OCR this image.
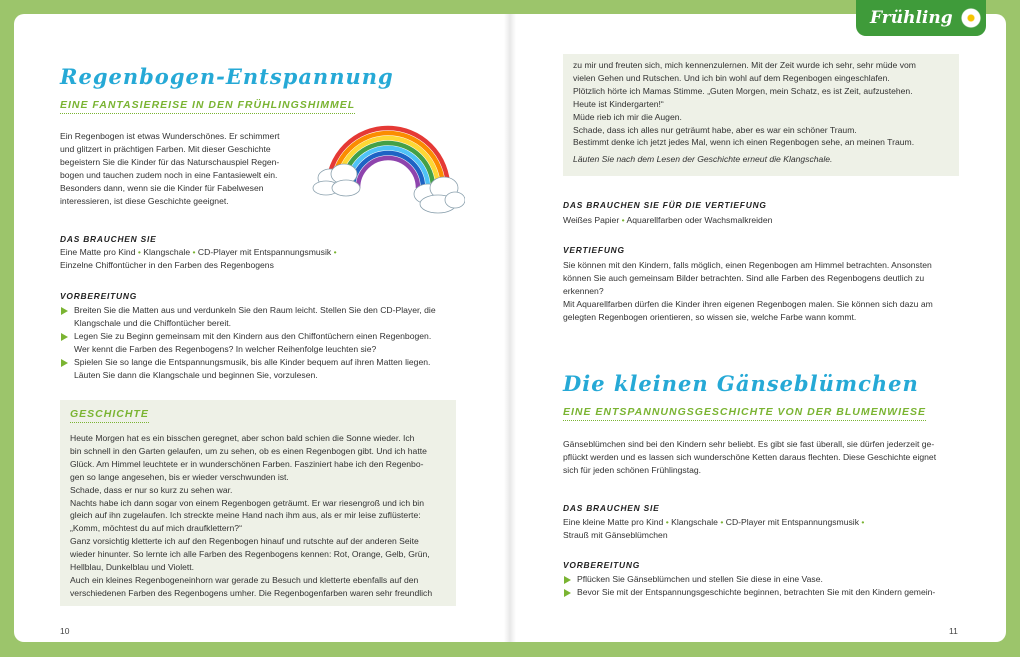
Frühling
Regenbogen-Entspannung
EINE FANTASIEREISE IN DEN FRÜHLINGSHIMMEL
Ein Regenbogen ist etwas Wunderschönes. Er schimmert
und glitzert in prächtigen Farben. Mit dieser Geschichte
begeistern Sie die Kinder für das Naturschauspiel Regen-
bogen und tauchen zudem noch in eine Fantasiewelt ein.
Besonders dann, wenn sie die Kinder für Fabelwesen
interessieren, ist diese Geschichte geeignet.
DAS BRAUCHEN SIE
Eine Matte pro Kind • Klangschale • CD-Player mit Entspannungsmusik •
Einzelne Chiffontücher in den Farben des Regenbogens
VORBEREITUNG
Breiten Sie die Matten aus und verdunkeln Sie den Raum leicht. Stellen Sie den CD-Player, die
Klangschale und die Chiffontücher bereit.
Legen Sie zu Beginn gemeinsam mit den Kindern aus den Chiffontüchern einen Regenbogen.
Wer kennt die Farben des Regenbogens? In welcher Reihenfolge leuchten sie?
Spielen Sie so lange die Entspannungsmusik, bis alle Kinder bequem auf ihren Matten liegen.
Läuten Sie dann die Klangschale und beginnen Sie, vorzulesen.
GESCHICHTE
Heute Morgen hat es ein bisschen geregnet, aber schon bald schien die Sonne wieder. Ich
bin schnell in den Garten gelaufen, um zu sehen, ob es einen Regenbogen gibt. Und ich hatte
Glück. Am Himmel leuchtete er in wunderschönen Farben. Fasziniert habe ich den Regenbo-
gen so lange angesehen, bis er wieder verschwunden ist.
Schade, dass er nur so kurz zu sehen war.
Nachts habe ich dann sogar von einem Regenbogen geträumt. Er war riesengroß und ich bin
gleich auf ihn zugelaufen. Ich streckte meine Hand nach ihm aus, als er mir leise zuflüsterte:
„Komm, möchtest du auf mich draufklettern?“
Ganz vorsichtig kletterte ich auf den Regenbogen hinauf und rutschte auf der anderen Seite
wieder hinunter. So lernte ich alle Farben des Regenbogens kennen: Rot, Orange, Gelb, Grün,
Hellblau, Dunkelblau und Violett.
Auch ein kleines Regenbogeneinhorn war gerade zu Besuch und kletterte ebenfalls auf den
verschiedenen Farben des Regenbogens umher. Die Regenbogenfarben waren sehr freundlich
10
zu mir und freuten sich, mich kennenzulernen. Mit der Zeit wurde ich sehr, sehr müde vom
vielen Gehen und Rutschen. Und ich bin wohl auf dem Regenbogen eingeschlafen.
Plötzlich hörte ich Mamas Stimme. „Guten Morgen, mein Schatz, es ist Zeit, aufzustehen.
Heute ist Kindergarten!“
Müde rieb ich mir die Augen.
Schade, dass ich alles nur geträumt habe, aber es war ein schöner Traum.
Bestimmt denke ich jetzt jedes Mal, wenn ich einen Regenbogen sehe, an meinen Traum.
Läuten Sie nach dem Lesen der Geschichte erneut die Klangschale.
DAS BRAUCHEN SIE FÜR DIE VERTIEFUNG
Weißes Papier • Aquarellfarben oder Wachsmalkreiden
VERTIEFUNG
Sie können mit den Kindern, falls möglich, einen Regenbogen am Himmel betrachten. Ansonsten
können Sie auch gemeinsam Bilder betrachten. Sind alle Farben des Regenbogens deutlich zu
erkennen?
Mit Aquarellfarben dürfen die Kinder ihren eigenen Regenbogen malen. Sie können sich dazu am
gelegten Regenbogen orientieren, so wissen sie, welche Farbe wann kommt.
Die kleinen Gänseblümchen
EINE ENTSPANNUNGSGESCHICHTE VON DER BLUMENWIESE
Gänseblümchen sind bei den Kindern sehr beliebt. Es gibt sie fast überall, sie dürfen jederzeit ge-
pflückt werden und es lassen sich wunderschöne Ketten daraus flechten. Diese Geschichte eignet
sich für jeden schönen Frühlingstag.
DAS BRAUCHEN SIE
Eine kleine Matte pro Kind • Klangschale • CD-Player mit Entspannungsmusik •
Strauß mit Gänseblümchen
VORBEREITUNG
Pflücken Sie Gänseblümchen und stellen Sie diese in eine Vase.
Bevor Sie mit der Entspannungsgeschichte beginnen, betrachten Sie mit den Kindern gemein-
11
